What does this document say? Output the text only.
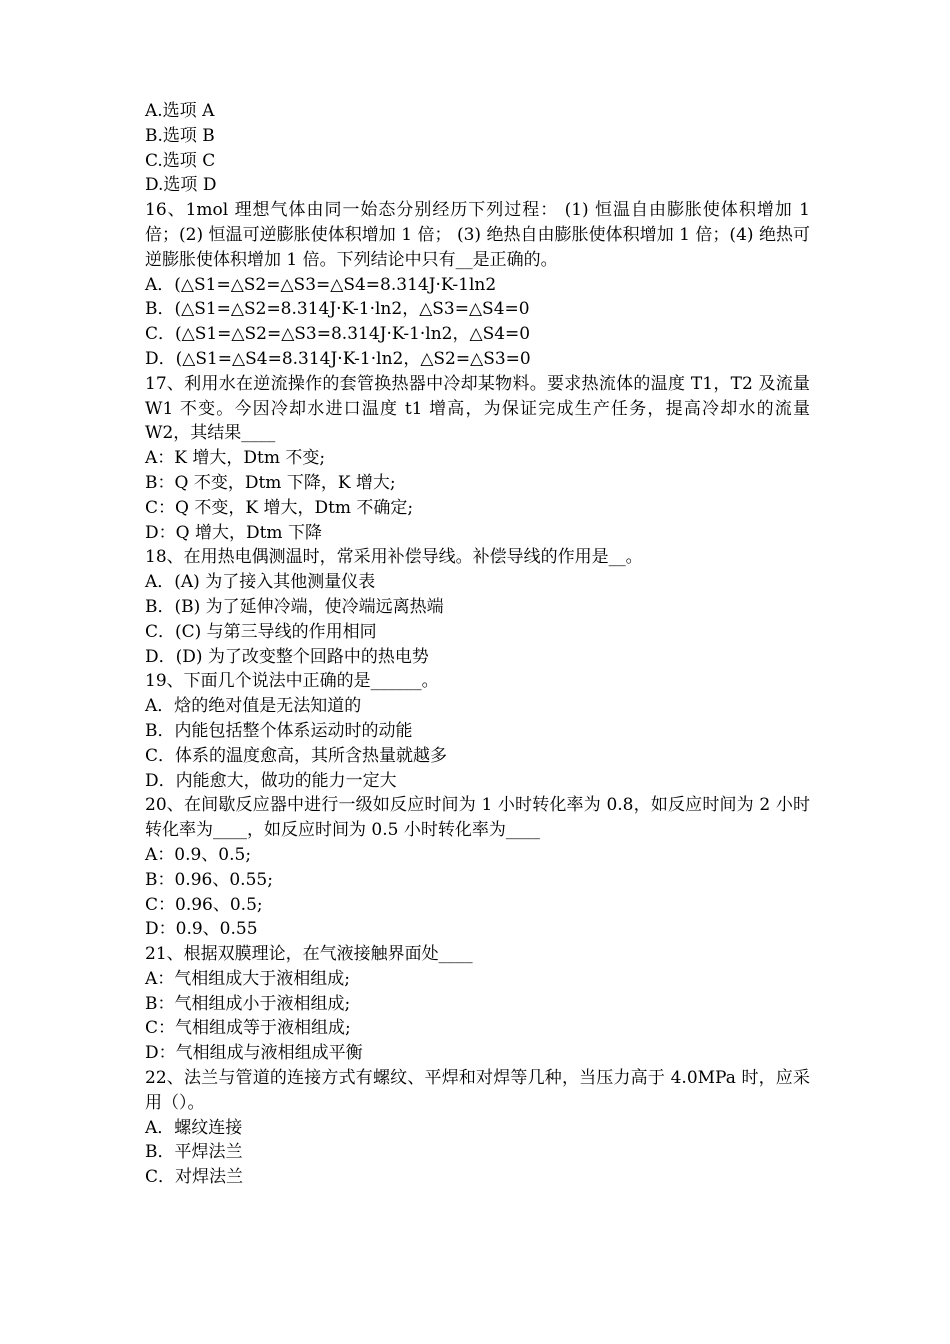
A.选项 A
B.选项 B
C.选项 C
D.选项 D
16、1mol 理想气体由同一始态分别经历下列过程： (1) 恒温自由膨胀使体积增加 1 倍；(2) 恒温可逆膨胀使体积增加 1 倍； (3) 绝热自由膨胀使体积增加 1 倍；(4) 绝热可逆膨胀使体积增加 1 倍。下列结论中只有__是正确的。
A．(△S1=△S2=△S3=△S4=8.314J·K-1ln2
B．(△S1=△S2=8.314J·K-1·ln2，△S3=△S4=0
C．(△S1=△S2=△S3=8.314J·K-1·ln2，△S4=0
D．(△S1=△S4=8.314J·K-1·ln2，△S2=△S3=0
17、利用水在逆流操作的套管换热器中冷却某物料。要求热流体的温度 T1，T2 及流量 W1 不变。今因冷却水进口温度 t1 增高，为保证完成生产任务，提高冷却水的流量 W2，其结果____
A：K 增大，Dtm 不变;
B：Q 不变，Dtm 下降，K 增大;
C：Q 不变，K 增大，Dtm 不确定;
D：Q 增大，Dtm 下降
18、在用热电偶测温时，常采用补偿导线。补偿导线的作用是__。
A．(A) 为了接入其他测量仪表
B．(B) 为了延伸冷端，使冷端远离热端
C．(C) 与第三导线的作用相同
D．(D) 为了改变整个回路中的热电势
19、下面几个说法中正确的是______。
A．焓的绝对值是无法知道的
B．内能包括整个体系运动时的动能
C．体系的温度愈高，其所含热量就越多
D．内能愈大，做功的能力一定大
20、在间歇反应器中进行一级如反应时间为 1 小时转化率为 0.8，如反应时间为 2 小时转化率为____，如反应时间为 0.5 小时转化率为____
A：0.9、0.5;
B：0.96、0.55;
C：0.96、0.5;
D：0.9、0.55
21、根据双膜理论，在气液接触界面处____
A：气相组成大于液相组成;
B：气相组成小于液相组成;
C：气相组成等于液相组成;
D：气相组成与液相组成平衡
22、法兰与管道的连接方式有螺纹、平焊和对焊等几种，当压力高于 4.0MPa 时，应采用（）。
A．螺纹连接
B．平焊法兰
C．对焊法兰
